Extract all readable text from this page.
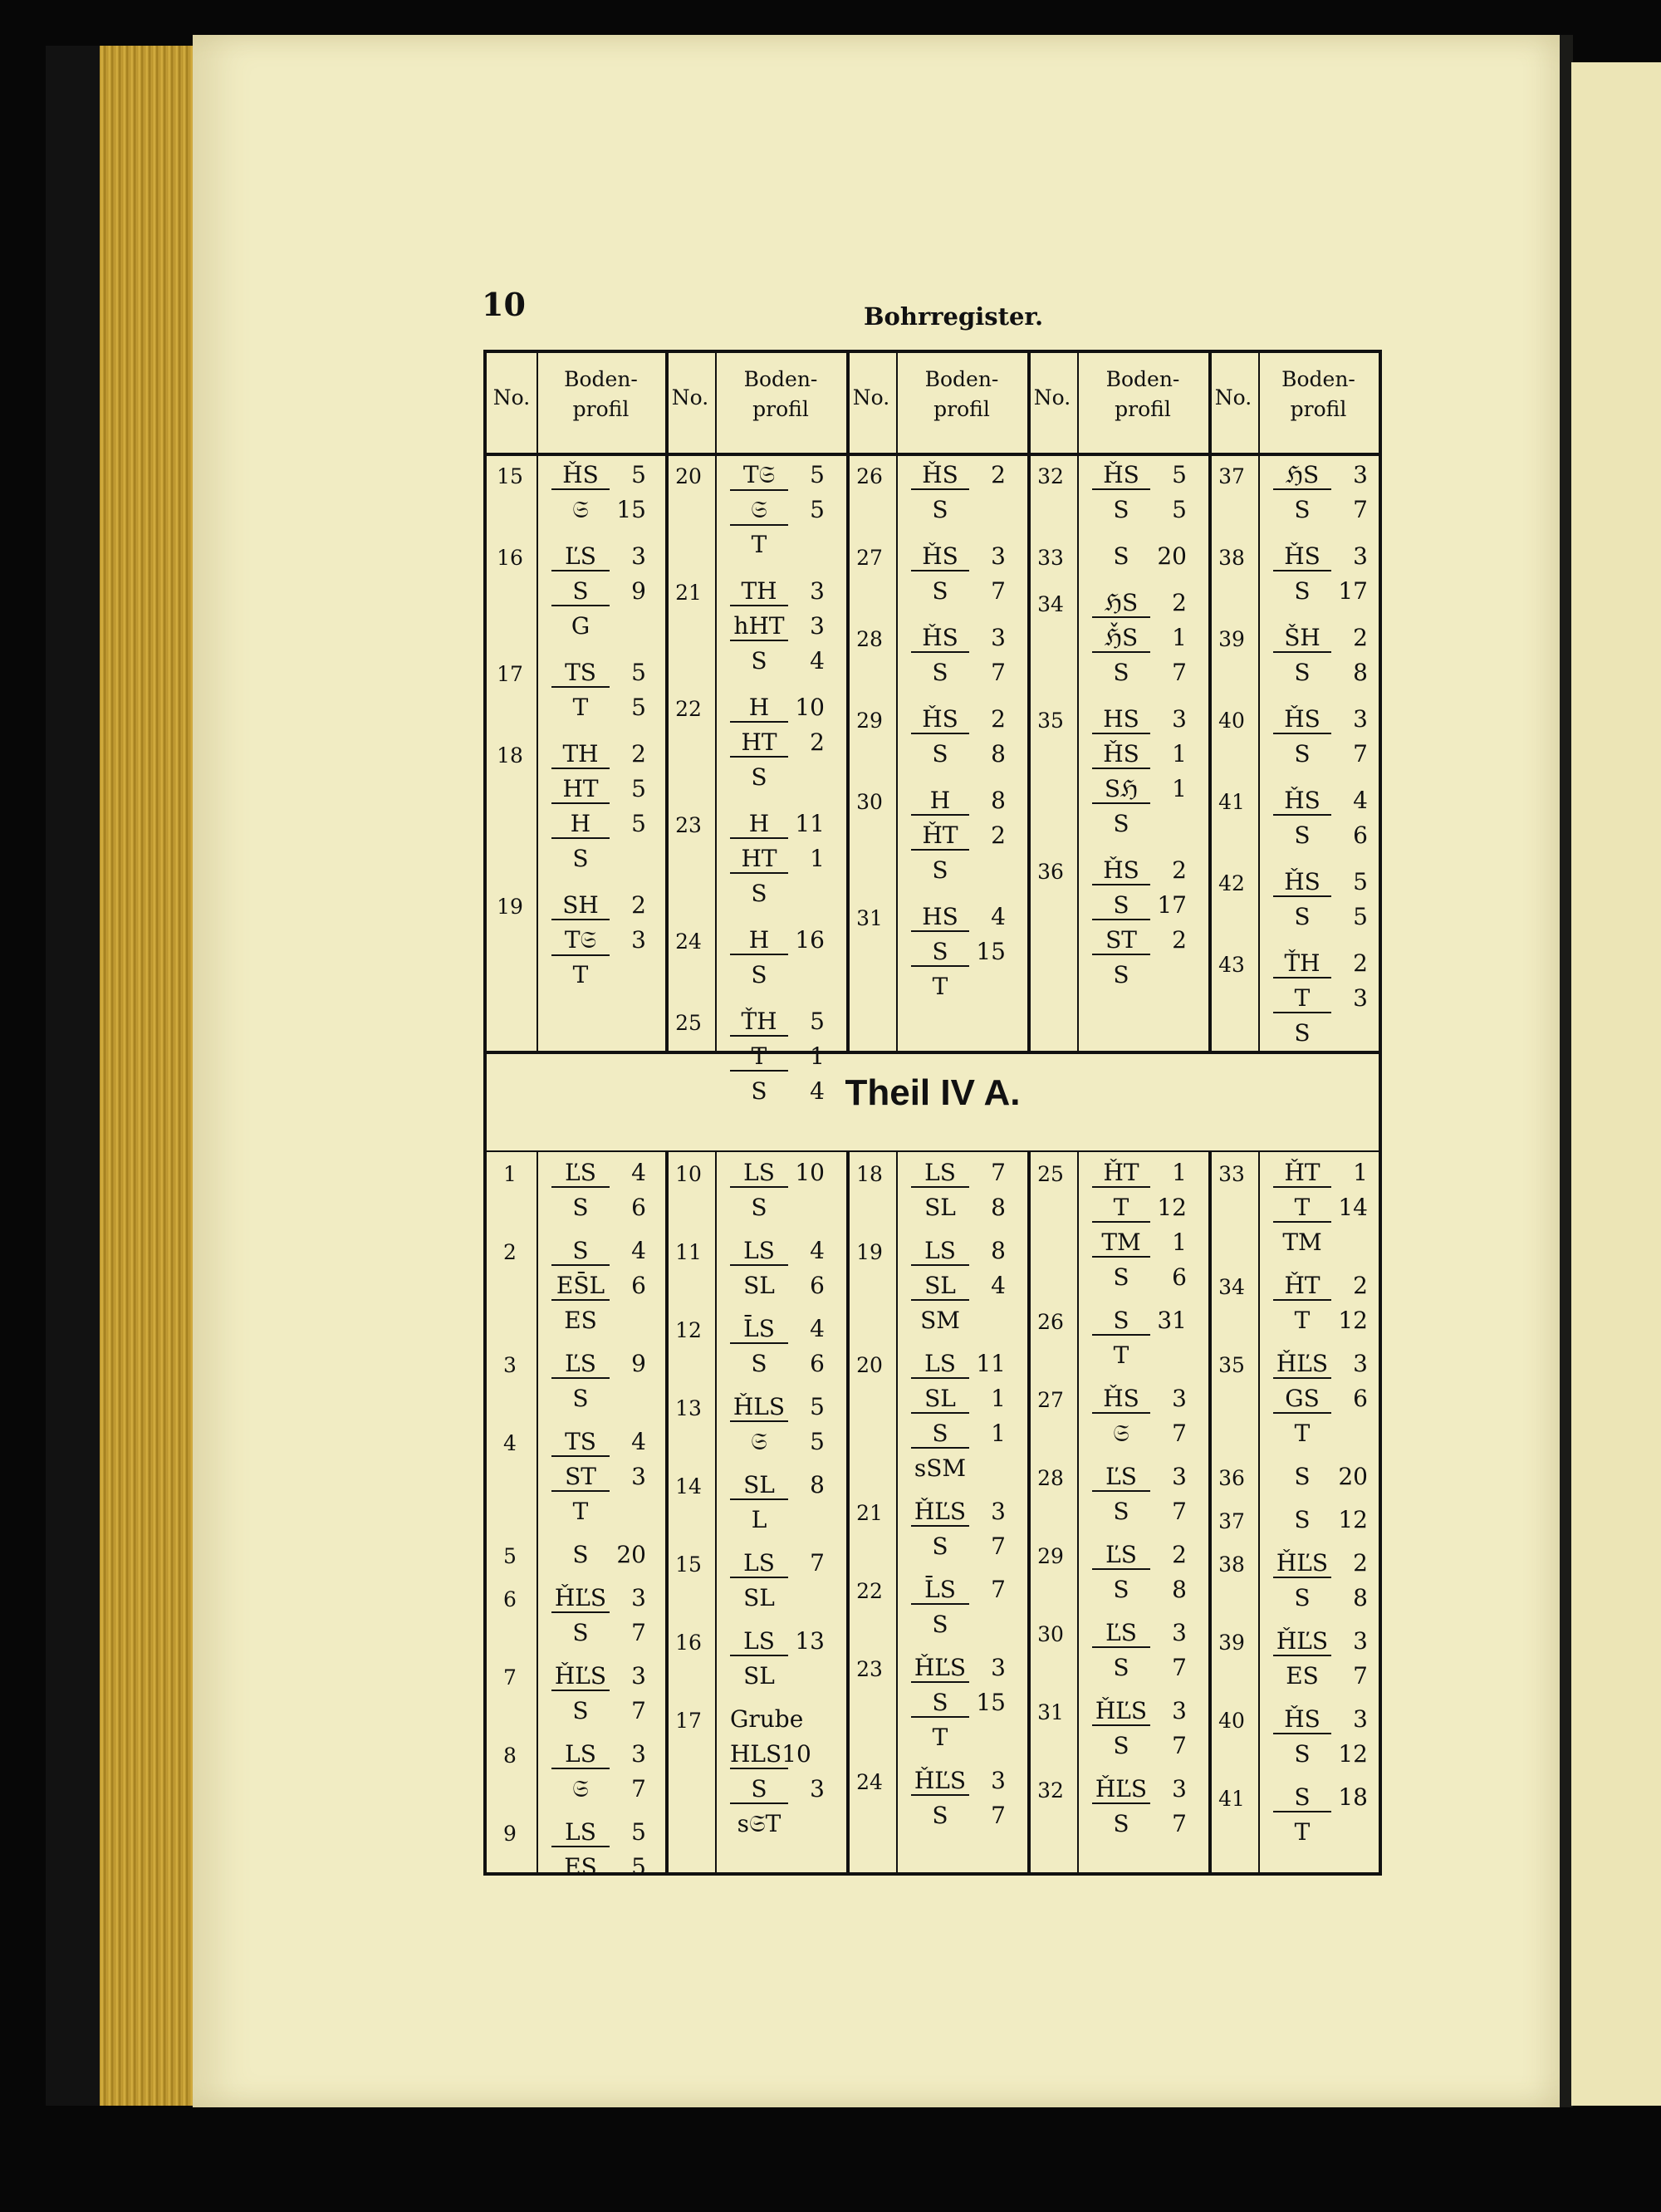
10	Bohrregister.
Theil IV A.
No.
Boden-
profil	No.
Boden-
profil	No.
Boden-
profil	No.
Boden-
profil	No.
Boden-
profil
15	ȞS 5
𝔖 15
16	ĽS 3
S 9
G
17	TS 5
T 5
18	TH 2
HT 5
H 5
S
19	SH 2
T𝔖 3
T
20	T𝔖 5
𝔖 5
T
21	TH 3
hHT 3
S 4
22	H 10
HT 2
S
23	H 11
HT 1
S
24	H 16
S
25	ŤH 5
T 1
S 4
26	ȞS 2
S
27	ȞS 3
S 7
28	ȞS 3
S 7
29	ȞS 2
S 8
30	H 8
ȞT 2
S
31	HS 4
S 15
T
32	ȞS 5
S 5
33	S 20
34	ℌS 2
ℌ̌S 1
S 7
35	HS 3
ȞS 1
Sℌ 1
S
36	ȞS 2
S 17
ST 2
S
37	ℌS 3
S 7
38	ȞS 3
S 17
39	ŠH 2
S 8
40	ȞS 3
S 7
41	ȞS 4
S 6
42	ȞS 5
S 5
43	ŤH 2
T 3
S
1	ĽS 4
S 6
2	S 4
ES̄L 6
ES
3	ĽS 9
S
4	TS 4
ST 3
T
5	S 20
6	ȞĽS 3
S 7
7	ȞĽS 3
S 7
8	LS 3
𝔖 7
9	LS 5
ES 5
10	LS 10
S
11	LS 4
SL 6
12	L̄S 4
S 6
13	ȞLS 5
𝔖 5
14	SL 8
L
15	LS 7
SL
16	LS 13
SL
17	Grube
HLS10
S 3
s𝔖T
18	LS 7
SL 8
19	LS 8
SL 4
SM
20	LS 11
SL 1
S 1
sSM
21	ȞĽS 3
S 7
22	L̄S 7
S
23	ȞĽS 3
S 15
T
24	ȞĽS 3
S 7
25	ȞT 1
T 12
TM 1
S 6
26	S 31
T
27	ȞS 3
𝔖 7
28	ĽS 3
S 7
29	ĽS 2
S 8
30	ĽS 3
S 7
31	ȞĽS 3
S 7
32	ȞĽS 3
S 7
33	ȞT 1
T 14
TM
34	ȞT 2
T 12
35	ȞĽS 3
GS 6
T
36	S 20
37	S 12
38	ȞĽS 2
S 8
39	ȞĽS 3
ES 7
40	ȞS 3
S 12
41	S 18
T
